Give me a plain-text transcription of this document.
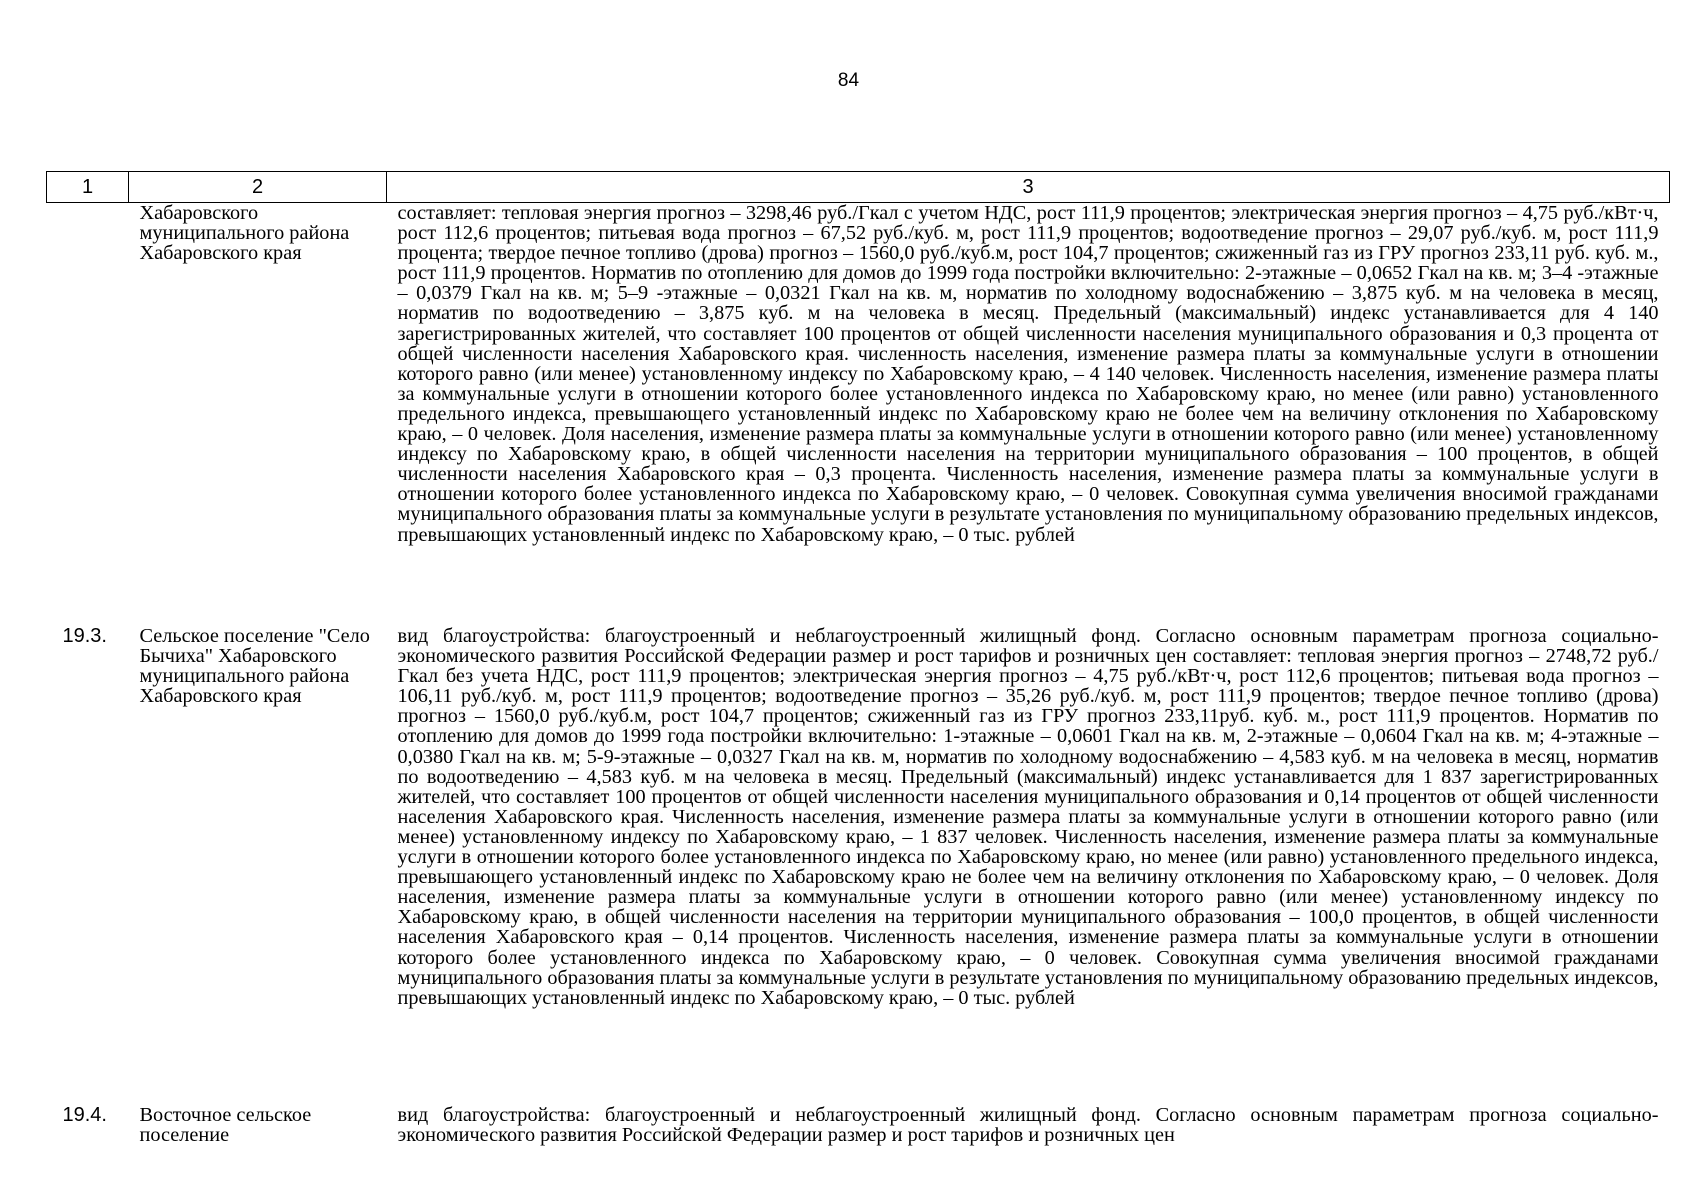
84
1	2	3
	Хабаровского муниципального района Хабаровского края	составляет: тепловая энергия прогноз – 3298,46 руб./Гкал с учетом НДС, рост 111,9 процентов; электрическая энергия прогноз – 4,75 руб./кВт·ч, рост 112,6 процентов; питьевая вода прогноз – 67,52 руб./куб. м, рост 111,9 процентов; водоотведение прогноз – 29,07 руб./куб. м, рост 111,9 процента; твердое печное топливо (дрова) прогноз – 1560,0 руб./куб.м, рост 104,7 процентов; сжиженный газ из ГРУ прогноз 233,11 руб. куб. м., рост 111,9 процентов. Норматив по отоплению для домов до 1999 года постройки включительно: 2-этажные – 0,0652 Гкал на кв. м; 3–4 -этажные – 0,0379 Гкал на кв. м; 5–9 -этажные – 0,0321 Гкал на кв. м, норматив по холодному водоснабжению – 3,875 куб. м на человека в месяц, норматив по водоотведению – 3,875 куб. м на человека в месяц. Предельный (максимальный) индекс устанавливается для 4 140 зарегистрированных жителей, что составляет 100 процентов от общей численности населения муниципального образования и 0,3 процента от общей численности населения Хабаровского края. численность населения, изменение размера платы за коммунальные услуги в отношении которого равно (или менее) установленному индексу по Хабаровскому краю, – 4 140 человек. Численность населения, изменение размера платы за коммунальные услуги в отношении которого более установленного индекса по Хабаровскому краю, но менее (или равно) установленного предельного индекса, превышающего установленный индекс по Хабаровскому краю не более чем на величину отклонения по Хабаровскому краю, – 0 человек. Доля населения, изменение размера платы за коммунальные услуги в отношении которого равно (или менее) установленному индексу по Хабаровскому краю, в общей численности населения на территории муниципального образования – 100 процентов, в общей численности населения Хабаровского края – 0,3 процента. Численность населения, изменение размера платы за коммунальные услуги в отношении которого более установленного индекса по Хабаровскому краю, – 0 человек. Совокупная сумма увеличения вносимой гражданами муниципального образования платы за коммунальные услуги в результате установления по муниципальному образованию предельных индексов, превышающих установленный индекс по Хабаровскому краю, – 0 тыс. рублей
19.3.	Сельское поселение "Село Бычиха" Хабаровского муниципального района Хабаровского края	вид благоустройства: благоустроенный и неблагоустроенный жилищный фонд. Согласно основным параметрам прогноза социально-экономического развития Российской Федерации размер и рост тарифов и розничных цен составляет: тепловая энергия прогноз – 2748,72 руб./Гкал без учета НДС, рост 111,9 процентов; электрическая энергия прогноз – 4,75 руб./кВт·ч, рост 112,6 процентов; питьевая вода прогноз – 106,11 руб./куб. м, рост 111,9 процентов; водоотведение прогноз – 35,26 руб./куб. м, рост 111,9 процентов; твердое печное топливо (дрова) прогноз – 1560,0 руб./куб.м, рост 104,7 процентов; сжиженный газ из ГРУ прогноз 233,11руб. куб. м., рост 111,9 процентов. Норматив по отоплению для домов до 1999 года постройки включительно: 1-этажные – 0,0601 Гкал на кв. м, 2-этажные – 0,0604 Гкал на кв. м; 4-этажные – 0,0380 Гкал на кв. м; 5-9-этажные – 0,0327 Гкал на кв. м, норматив по холодному водоснабжению – 4,583 куб. м на человека в месяц, норматив по водоотведению – 4,583 куб. м на человека в месяц. Предельный (максимальный) индекс устанавливается для 1 837 зарегистрированных жителей, что составляет 100 процентов от общей численности населения муниципального образования и 0,14 процентов от общей численности населения Хабаровского края. Численность населения, изменение размера платы за коммунальные услуги в отношении которого равно (или менее) установленному индексу по Хабаровскому краю, – 1 837 человек. Численность населения, изменение размера платы за коммунальные услуги в отношении которого более установленного индекса по Хабаровскому краю, но менее (или равно) установленного предельного индекса, превышающего установленный индекс по Хабаровскому краю не более чем на величину отклонения по Хабаровскому краю, – 0 человек. Доля населения, изменение размера платы за коммунальные услуги в отношении которого равно (или менее) установленному индексу по Хабаровскому краю, в общей численности населения на территории муниципального образования – 100,0 процентов, в общей численности населения Хабаровского края – 0,14 процентов. Численность населения, изменение размера платы за коммунальные услуги в отношении которого более установленного индекса по Хабаровскому краю, – 0 человек. Совокупная сумма увеличения вносимой гражданами муниципального образования платы за коммунальные услуги в результате установления по муниципальному образованию предельных индексов, превышающих установленный индекс по Хабаровскому краю, – 0 тыс. рублей
19.4.	Восточное сельское поселение	вид благоустройства: благоустроенный и неблагоустроенный жилищный фонд. Согласно основным параметрам прогноза социально-экономического развития Российской Федерации размер и рост тарифов и розничных цен
